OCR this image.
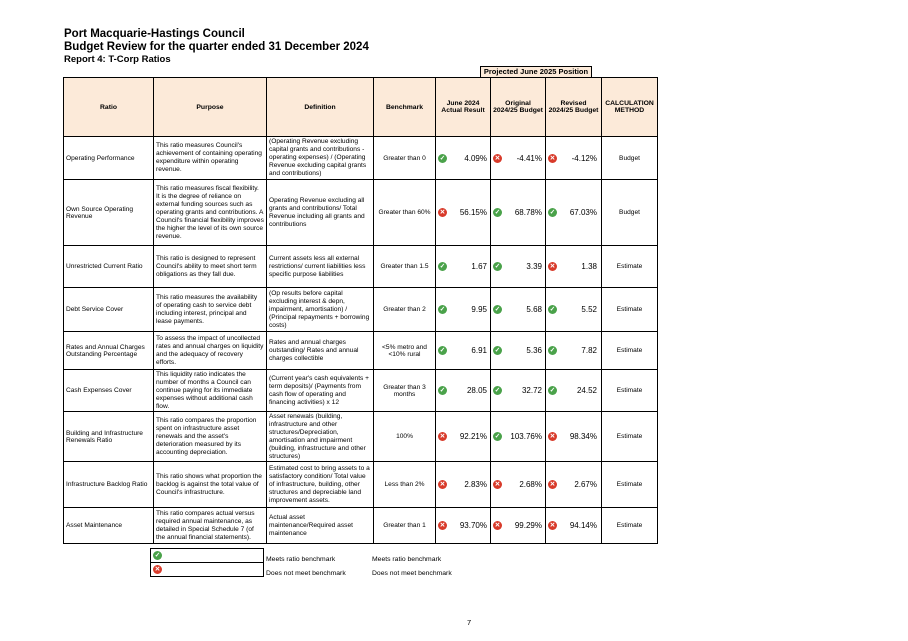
Port Macquarie-Hastings Council
Budget Review for the quarter ended 31 December 2024
Report 4: T-Corp Ratios
Projected June 2025 Position
Ratio	Purpose	Definition	Benchmark	June 2024 Actual Result	Original 2024/25 Budget	Revised 2024/25 Budget	CALCULATION METHOD
Operating Performance	This ratio measures Council's achievement of containing operating expenditure within operating revenue.	(Operating Revenue excluding capital grants and contributions - operating expenses) / (Operating Revenue excluding capital grants and contributions)	Greater than 0	✓ 4.09%	✕ -4.41%	✕ -4.12%	Budget
Own Source Operating Revenue	This ratio measures fiscal flexibility. It is the degree of reliance on external funding sources such as operating grants and contributions. A Council's financial flexibility improves the higher the level of its own source revenue.	Operating Revenue excluding all grants and contributions/ Total Revenue including all grants and contributions	Greater than 60%	✕ 56.15%	✓ 68.78%	✓ 67.03%	Budget
Unrestricted Current Ratio	This ratio is designed to represent Council's ability to meet short term obligations as they fall due.	Current assets less all external restrictions/ current liabilities less specific purpose liabilities	Greater than 1.5	✓ 1.67	✓ 3.39	✕ 1.38	Estimate
Debt Service Cover	This ratio measures the availability of operating cash to service debt including interest, principal and lease payments.	(Op results before capital excluding interest & depn, impairment, amortisation) / (Principal repayments + borrowing costs)	Greater than 2	✓ 9.95	✓ 5.68	✓ 5.52	Estimate
Rates and Annual Charges Outstanding Percentage	To assess the impact of uncollected rates and annual charges on liquidity and the adequacy of recovery efforts.	Rates and annual charges outstanding/ Rates and annual charges collectible	<5% metro and <10% rural	✓ 6.91	✓ 5.36	✓ 7.82	Estimate
Cash Expenses Cover	This liquidity ratio indicates the number of months a Council can continue paying for its immediate expenses without additional cash flow.	(Current year's cash equivalents + term deposits)/ (Payments from cash flow of operating and financing activities) x 12	Greater than 3 months	✓ 28.05	✓ 32.72	✓ 24.52	Estimate
Building and Infrastructure Renewals Ratio	This ratio compares the proportion spent on infrastructure asset renewals and the asset's deterioration measured by its accounting depreciation.	Asset renewals (building, infrastructure and other structures/Depreciation, amortisation and impairment (building, infrastructure and other structures)	100%	✕ 92.21%	✓ 103.76%	✕ 98.34%	Estimate
Infrastructure Backlog Ratio	This ratio shows what proportion the backlog is against the total value of Council's infrastructure.	Estimated cost to bring assets to a satisfactory condition/ Total value of infrastructure, building, other structures and depreciable land improvement assets.	Less than 2%	✕ 2.83%	✕ 2.68%	✕ 2.67%	Estimate
Asset Maintenance	This ratio compares actual versus required annual maintenance, as detailed in Special Schedule 7 (of the annual financial statements).	Actual asset maintenance/Required asset maintenance	Greater than 1	✕ 93.70%	✕ 99.29%	✕ 94.14%	Estimate
✓
✕
Meets ratio benchmark
Does not meet benchmark
Meets ratio benchmark
Does not meet benchmark
7
